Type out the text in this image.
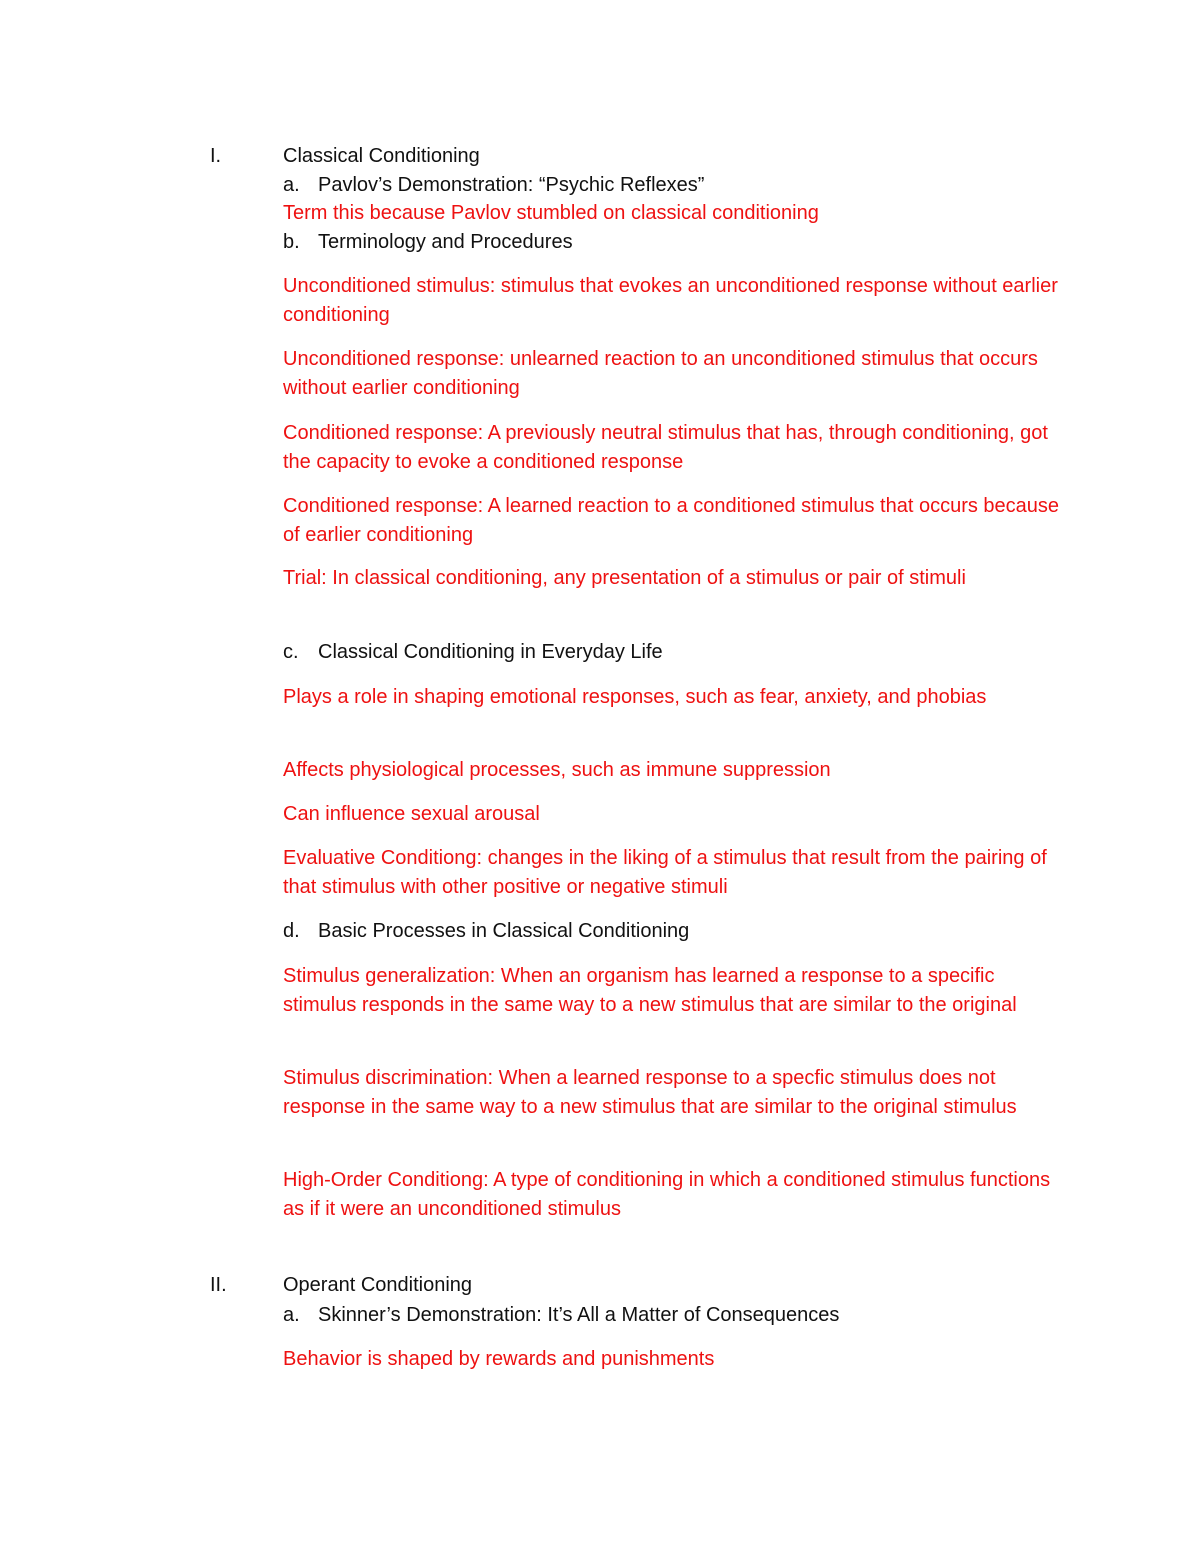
I.	Classical Conditioning
a. Pavlov’s Demonstration: “Psychic Reflexes”
Term this because Pavlov stumbled on classical conditioning
b. Terminology and Procedures
Unconditioned stimulus: stimulus that evokes an unconditioned response without earlier conditioning
Unconditioned response: unlearned reaction to an unconditioned stimulus that occurs without earlier conditioning
Conditioned response: A previously neutral stimulus that has, through conditioning, got the capacity to evoke a conditioned response
Conditioned response: A learned reaction to a conditioned stimulus that occurs because of earlier conditioning
Trial: In classical conditioning, any presentation of a stimulus or pair of stimuli
c. Classical Conditioning in Everyday Life
Plays a role in shaping emotional responses, such as fear, anxiety, and phobias
Affects physiological processes, such as immune suppression
Can influence sexual arousal
Evaluative Conditiong: changes in the liking of a stimulus that result from the pairing of that stimulus with other positive or negative stimuli
d. Basic Processes in Classical Conditioning
Stimulus generalization: When an organism has learned a response to a specific stimulus responds in the same way to a new stimulus that are similar to the original
Stimulus discrimination: When a learned response to a specfic stimulus does not response in the same way to a new stimulus that are similar to the original stimulus
High-Order Conditiong: A type of conditioning in which a conditioned stimulus functions as if it were an unconditioned stimulus
II.	Operant Conditioning
a. Skinner’s Demonstration: It’s All a Matter of Consequences
Behavior is shaped by rewards and punishments
